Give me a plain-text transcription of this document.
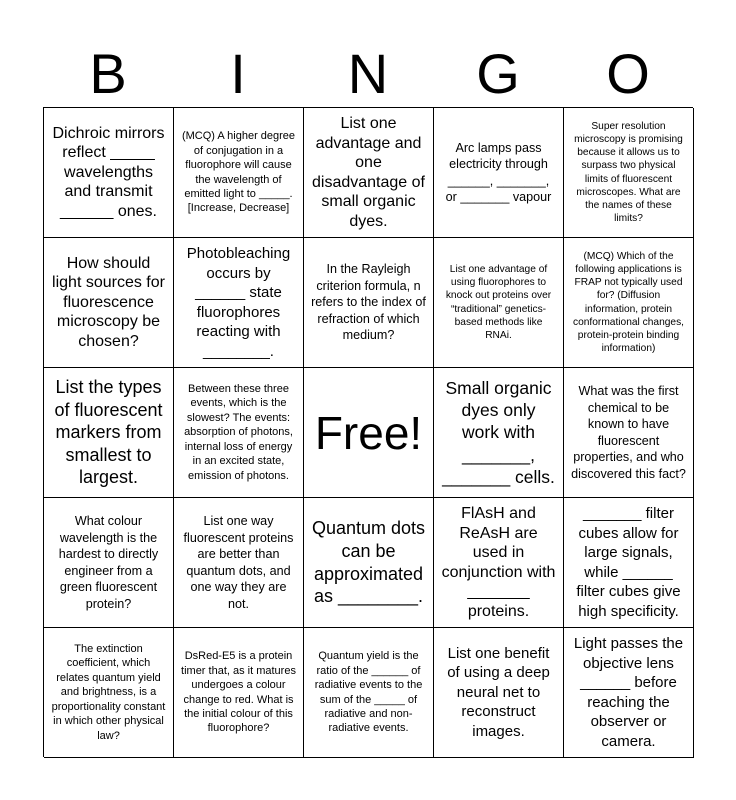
B	I	N	G	O
Dichroic mirrors reflect _____ wavelengths and transmit ______ ones.
(MCQ) A higher degree of conjugation in a fluorophore will cause the wavelength of emitted light to _____. [Increase, Decrease]
List one advantage and one disadvantage of small organic dyes.
Arc lamps pass electricity through ______, _______, or _______ vapour
Super resolution microscopy is promising because it allows us to surpass two physical limits of fluorescent microscopes. What are the names of these limits?
How should light sources for fluorescence microscopy be chosen?
Photobleaching occurs by ______ state fluorophores reacting with ________.
In the Rayleigh criterion formula, n refers to the index of refraction of which medium?
List one advantage of using fluorophores to knock out proteins over “traditional” genetics-based methods like RNAi.
(MCQ) Which of the following applications is FRAP not typically used for? (Diffusion information, protein conformational changes, protein-protein binding information)
List the types of fluorescent markers from smallest to largest.
Between these three events, which is the slowest? The events: absorption of photons, internal loss of energy in an excited state, emission of photons.
Free!
Small organic dyes only work with _______, _______ cells.
What was the first chemical to be known to have fluorescent properties, and who discovered this fact?
What colour wavelength is the hardest to directly engineer from a green fluorescent protein?
List one way fluorescent proteins are better than quantum dots, and one way they are not.
Quantum dots can be approximated as ________.
FlAsH and ReAsH are used in conjunction with _______ proteins.
_______ filter cubes allow for large signals, while ______ filter cubes give high specificity.
The extinction coefficient, which relates quantum yield and brightness, is a proportionality constant in which other physical law?
DsRed-E5 is a protein timer that, as it matures undergoes a colour change to red. What is the initial colour of this fluorophore?
Quantum yield is the ratio of the ______ of radiative events to the sum of the _____ of radiative and non-radiative events.
List one benefit of using a deep neural net to reconstruct images.
Light passes the objective lens ______ before reaching the observer or camera.
